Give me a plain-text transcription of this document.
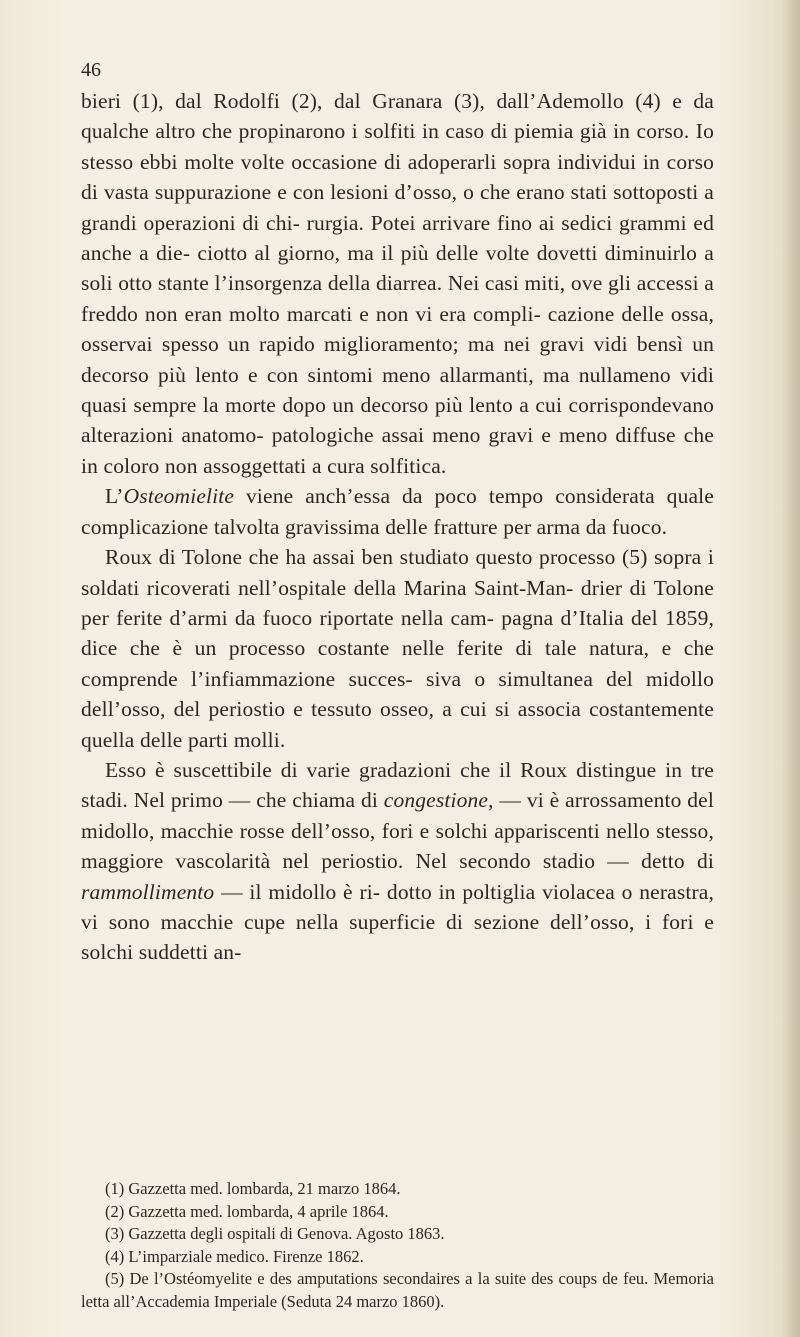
46

bieri (1), dal Rodolfi (2), dal Granara (3), dall’Ademollo (4) e da qualche altro che propinarono i solfiti in caso di piemia già in corso. Io stesso ebbi molte volte occasione di adoperarli sopra individui in corso di vasta suppurazione e con lesioni d’osso, o che erano stati sottoposti a grandi operazioni di chi- rurgia. Potei arrivare fino ai sedici grammi ed anche a die- ciotto al giorno, ma il più delle volte dovetti diminuirlo a soli otto stante l’insorgenza della diarrea. Nei casi miti, ove gli accessi a freddo non eran molto marcati e non vi era compli- cazione delle ossa, osservai spesso un rapido miglioramento; ma nei gravi vidi bensì un decorso più lento e con sintomi meno allarmanti, ma nullameno vidi quasi sempre la morte dopo un decorso più lento a cui corrispondevano alterazioni anatomo- patologiche assai meno gravi e meno diffuse che in coloro non assoggettati a cura solfitica.

L’Osteomielite viene anch’essa da poco tempo considerata quale complicazione talvolta gravissima delle fratture per arma da fuoco.

Roux di Tolone che ha assai ben studiato questo processo (5) sopra i soldati ricoverati nell’ospitale della Marina Saint-Man- drier di Tolone per ferite d’armi da fuoco riportate nella cam- pagna d’Italia del 1859, dice che è un processo costante nelle ferite di tale natura, e che comprende l’infiammazione succes- siva o simultanea del midollo dell’osso, del periostio e tessuto osseo, a cui si associa costantemente quella delle parti molli.

Esso è suscettibile di varie gradazioni che il Roux distingue in tre stadi. Nel primo — che chiama di congestione, — vi è arrossamento del midollo, macchie rosse dell’osso, fori e solchi appariscenti nello stesso, maggiore vascolarità nel periostio. Nel secondo stadio — detto di rammollimento — il midollo è ri- dotto in poltiglia violacea o nerastra, vi sono macchie cupe nella superficie di sezione dell’osso, i fori e solchi suddetti an-

(1) Gazzetta med. lombarda, 21 marzo 1864.

(2) Gazzetta med. lombarda, 4 aprile 1864.

(3) Gazzetta degli ospitali di Genova. Agosto 1863.

(4) L’imparziale medico. Firenze 1862.

(5) De l’Ostéomyelite e des amputations secondaires a la suite des coups de feu. Memoria letta all’Accademia Imperiale (Seduta 24 marzo 1860).
